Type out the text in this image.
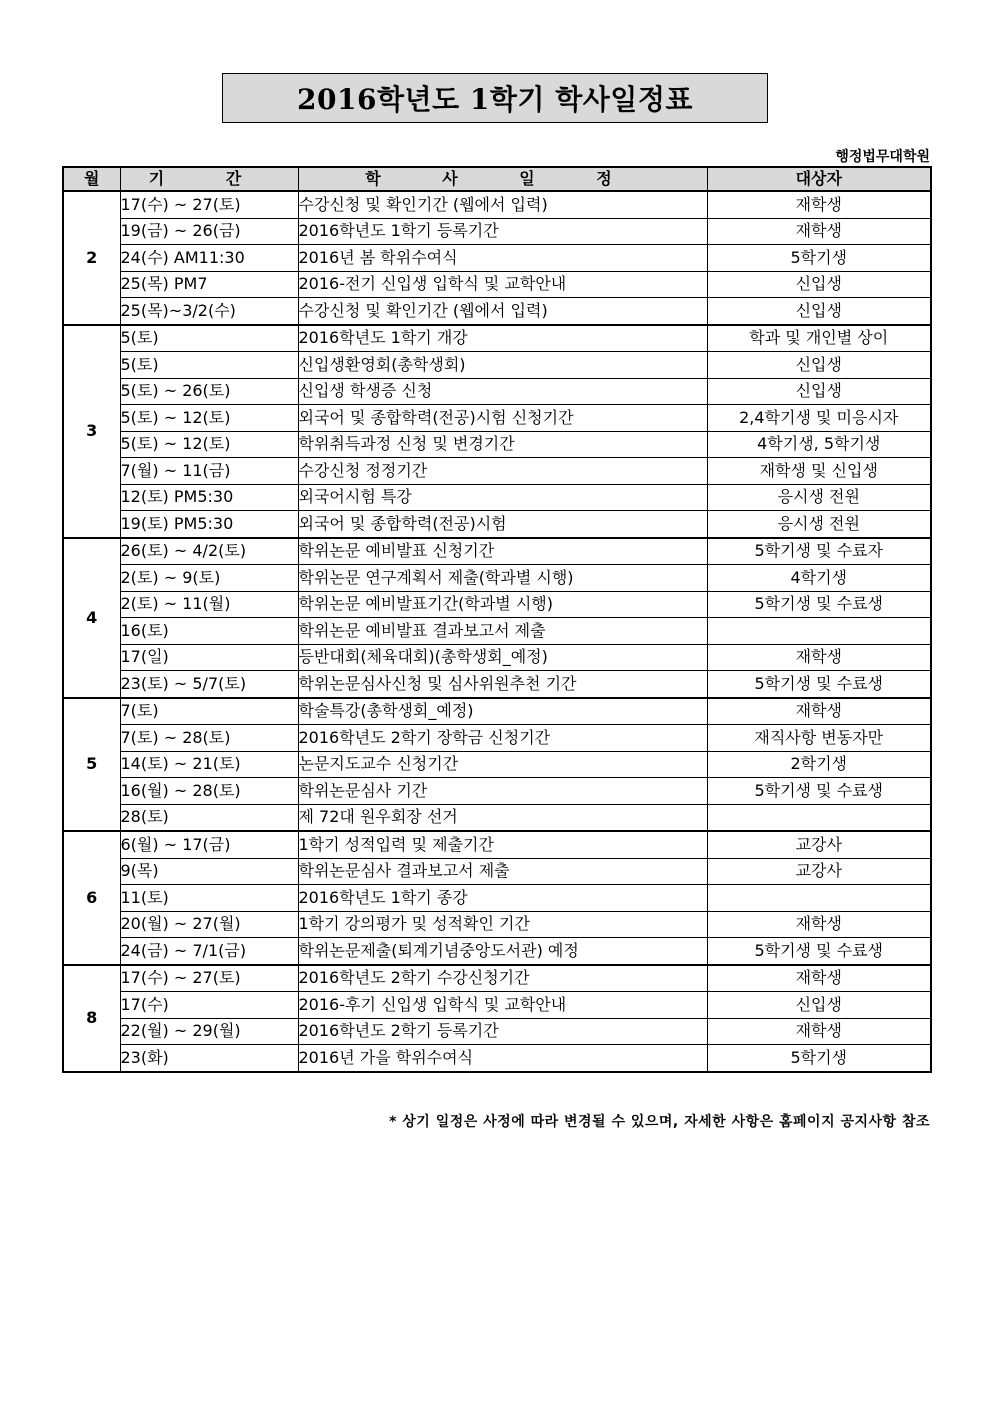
2016학년도 1학기 학사일정표
행정법무대학원
월	기 간	학 사 일 정	대상자
2	17(수) ~ 27(토)	수강신청 및 확인기간 (웹에서 입력)	재학생
	19(금) ~ 26(금)	2016학년도 1학기 등록기간	재학생
	24(수) AM11:30	2016년 봄 학위수여식	5학기생
	25(목) PM7	2016-전기 신입생 입학식 및 교학안내	신입생
	25(목)~3/2(수)	수강신청 및 확인기간 (웹에서 입력)	신입생
3	5(토)	2016학년도 1학기 개강	학과 및 개인별 상이
	5(토)	신입생환영회(총학생회)	신입생
	5(토) ~ 26(토)	신입생 학생증 신청	신입생
	5(토) ~ 12(토)	외국어 및 종합학력(전공)시험 신청기간	2,4학기생 및 미응시자
	5(토) ~ 12(토)	학위취득과정 신청 및 변경기간	4학기생, 5학기생
	7(월) ~ 11(금)	수강신청 정정기간	재학생 및 신입생
	12(토) PM5:30	외국어시험 특강	응시생 전원
	19(토) PM5:30	외국어 및 종합학력(전공)시험	응시생 전원
4	26(토) ~ 4/2(토)	학위논문 예비발표 신청기간	5학기생 및 수료자
	2(토) ~ 9(토)	학위논문 연구계획서 제출(학과별 시행)	4학기생
	2(토) ~ 11(월)	학위논문 예비발표기간(학과별 시행)	5학기생 및 수료생
	16(토)	학위논문 예비발표 결과보고서 제출	
	17(일)	등반대회(체육대회)(총학생회_예정)	재학생
	23(토) ~ 5/7(토)	학위논문심사신청 및 심사위원추천 기간	5학기생 및 수료생
5	7(토)	학술특강(총학생회_예정)	재학생
	7(토) ~ 28(토)	2016학년도 2학기 장학금 신청기간	재직사항 변동자만
	14(토) ~ 21(토)	논문지도교수 신청기간	2학기생
	16(월) ~ 28(토)	학위논문심사 기간	5학기생 및 수료생
	28(토)	제 72대 원우회장 선거	
6	6(월) ~ 17(금)	1학기 성적입력 및 제출기간	교강사
	9(목)	학위논문심사 결과보고서 제출	교강사
	11(토)	2016학년도 1학기 종강	
	20(월) ~ 27(월)	1학기 강의평가 및 성적확인 기간	재학생
	24(금) ~ 7/1(금)	학위논문제출(퇴계기념중앙도서관) 예정	5학기생 및 수료생
8	17(수) ~ 27(토)	2016학년도 2학기 수강신청기간	재학생
	17(수)	2016-후기 신입생 입학식 및 교학안내	신입생
	22(월) ~ 29(월)	2016학년도 2학기 등록기간	재학생
	23(화)	2016년 가을 학위수여식	5학기생
* 상기 일정은 사정에 따라 변경될 수 있으며, 자세한 사항은 홈페이지 공지사항 참조
